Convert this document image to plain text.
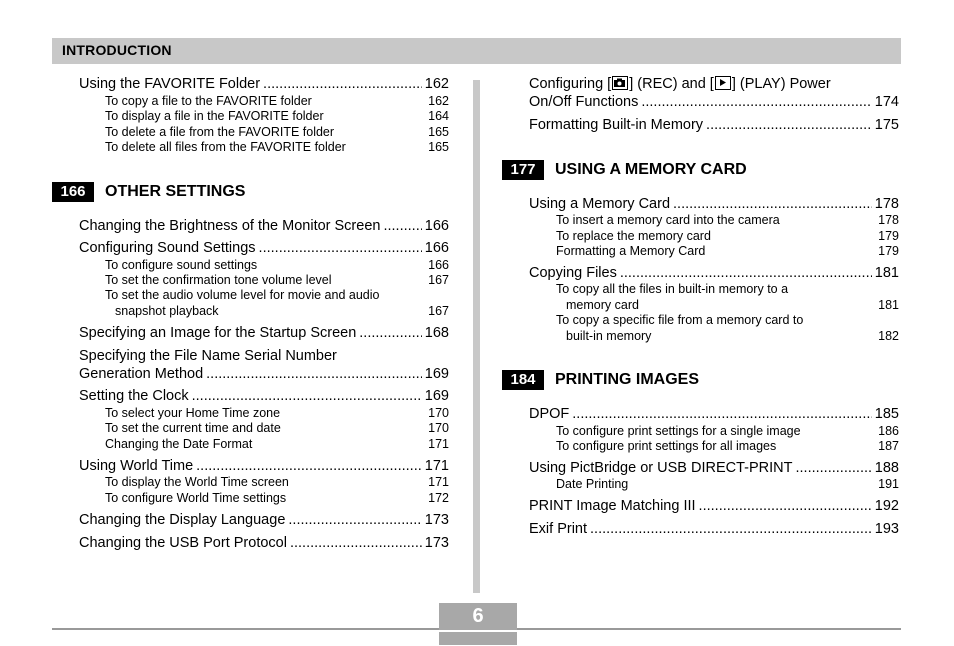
INTRODUCTION
Using the FAVORITE Folder .....	162
To copy a file to the FAVORITE folder	162
To display a file in the FAVORITE folder	164
To delete a file from the FAVORITE folder	165
To delete all files from the FAVORITE folder	165
166	OTHER SETTINGS
Changing the Brightness of the Monitor Screen .....	166
Configuring Sound Settings .....	166
To configure sound settings	166
To set the confirmation tone volume level	167
To set the audio volume level for movie and audio
snapshot playback	167
Specifying an Image for the Startup Screen .....	168
Specifying the File Name Serial Number
Generation Method .....	169
Setting the Clock .....	169
To select your Home Time zone	170
To set the current time and date	170
Changing the Date Format	171
Using World Time .....	171
To display the World Time screen	171
To configure World Time settings	172
Changing the Display Language .....	173
Changing the USB Port Protocol .....	173
Configuring [ ] (REC) and [ ] (PLAY) Power
On/Off Functions .....	174
Formatting Built-in Memory .....	175
177	USING A MEMORY CARD
Using a Memory Card .....	178
To insert a memory card into the camera	178
To replace the memory card	179
Formatting a Memory Card	179
Copying Files .....	181
To copy all the files in built-in memory to a
memory card	181
To copy a specific file from a memory card to
built-in memory	182
184	PRINTING IMAGES
DPOF .....	185
To configure print settings for a single image	186
To configure print settings for all images	187
Using PictBridge or USB DIRECT-PRINT .....	188
Date Printing	191
PRINT Image Matching III .....	192
Exif Print .....	193
6
